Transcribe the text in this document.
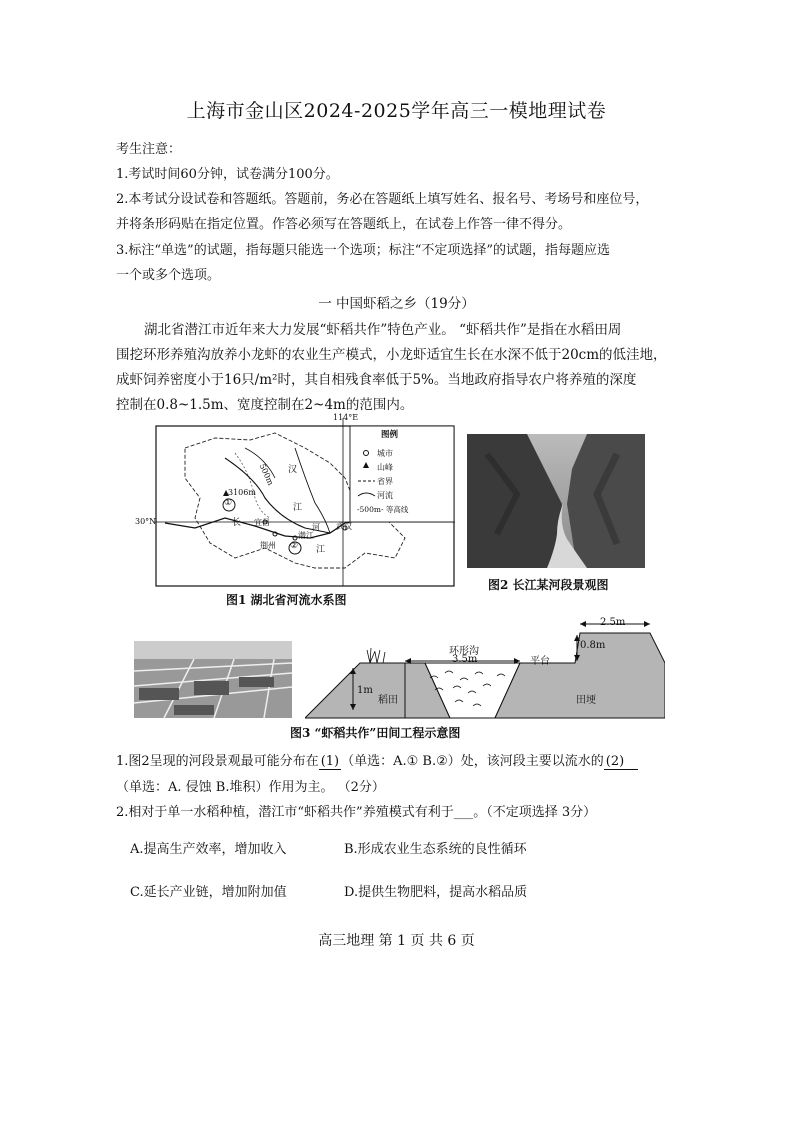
上海市金山区2024-2025学年高三一模地理试卷
考生注意：
1.考试时间60分钟，试卷满分100分。
2.本考试分设试卷和答题纸。答题前，务必在答题纸上填写姓名、报名号、考场号和座位号，
并将条形码贴在指定位置。作答必须写在答题纸上，在试卷上作答一律不得分。
3.标注“单选”的试题，指每题只能选一个选项；标注“不定项选择”的试题，指每题应选
一个或多个选项。
一 中国虾稻之乡（19分）
湖北省潜江市近年来大力发展“虾稻共作”特色产业。 “虾稻共作”是指在水稻田周
围挖环形养殖沟放养小龙虾的农业生产模式，小龙虾适宜生长在水深不低于20cm的低洼地，
成虾饲养密度小于16只/m²时，其自相残食率低于5%。当地政府指导农户将养殖的深度
控制在0.8~1.5m、宽度控制在2~4m的范围内。
114°E
30°N
图例
城市
山峰
省界
河流
-500m- 等高线
3106m
500m 汉
江
长
江
宜昌
荆州
潜江
武汉
河
①
②
图1 湖北省河流水系图
图2 长江某河段景观图
环形沟
3.5m	平台
1m
稻田
0.8m
2.5m
田埂
图3 “虾稻共作”田间工程示意图
1.图2呈现的河段景观最可能分布在 (1) （单选：A.① B.②）处，该河段主要以流水的 (2)
（单选：A. 侵蚀 B.堆积）作用为主。 （2分）
2.相对于单一水稻种植，潜江市“虾稻共作”养殖模式有利于___。（不定项选择 3分）
A.提高生产效率，增加收入	B.形成农业生态系统的良性循环
C.延长产业链，增加附加值	D.提供生物肥料，提高水稻品质
高三地理 第 1 页 共 6 页
